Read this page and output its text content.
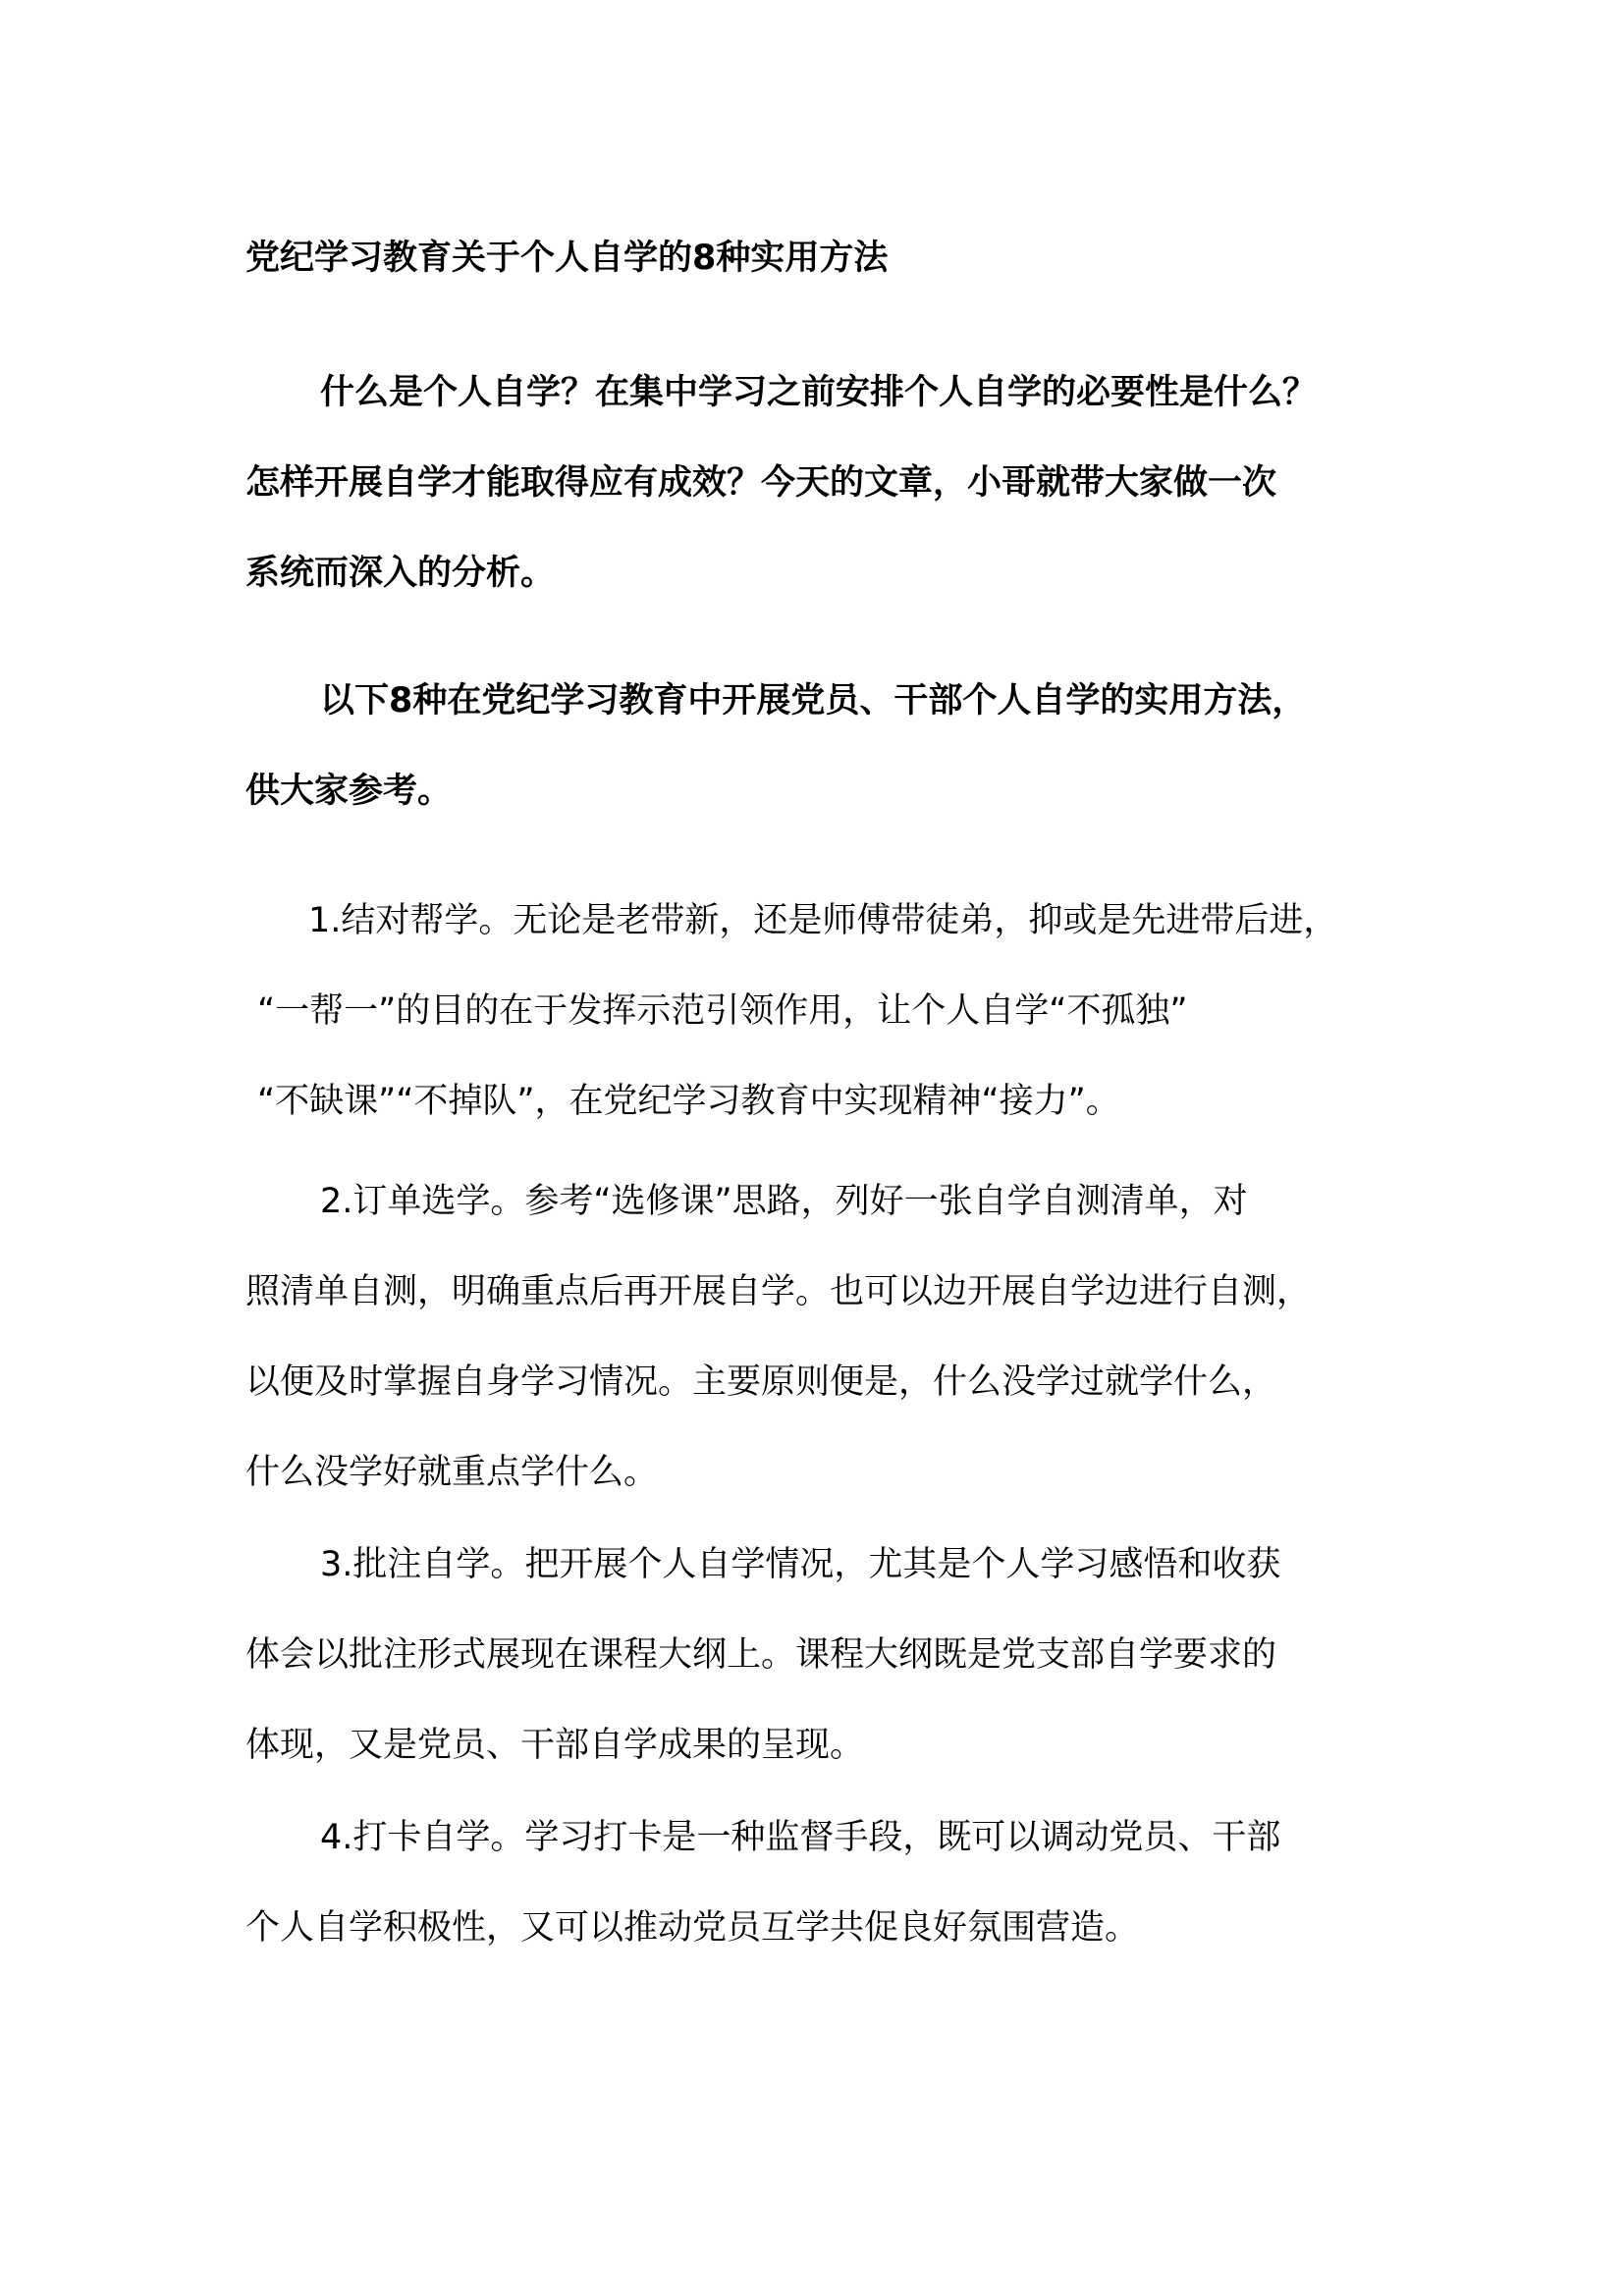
党纪学习教育关于个人自学的8种实用方法
什么是个人自学？在集中学习之前安排个人自学的必要性是什么？
怎样开展自学才能取得应有成效？今天的文章，小哥就带大家做一次
系统而深入的分析。
以下8种在党纪学习教育中开展党员、干部个人自学的实用方法，
供大家参考。
1.结对帮学。无论是老带新，还是师傅带徒弟，抑或是先进带后进，
“一帮一”的目的在于发挥示范引领作用，让个人自学“不孤独”
“不缺课”“不掉队”，在党纪学习教育中实现精神“接力”。
2.订单选学。参考“选修课”思路，列好一张自学自测清单，对
照清单自测，明确重点后再开展自学。也可以边开展自学边进行自测，
以便及时掌握自身学习情况。主要原则便是，什么没学过就学什么，
什么没学好就重点学什么。
3.批注自学。把开展个人自学情况，尤其是个人学习感悟和收获
体会以批注形式展现在课程大纲上。课程大纲既是党支部自学要求的
体现，又是党员、干部自学成果的呈现。
4.打卡自学。学习打卡是一种监督手段，既可以调动党员、干部
个人自学积极性，又可以推动党员互学共促良好氛围营造。
